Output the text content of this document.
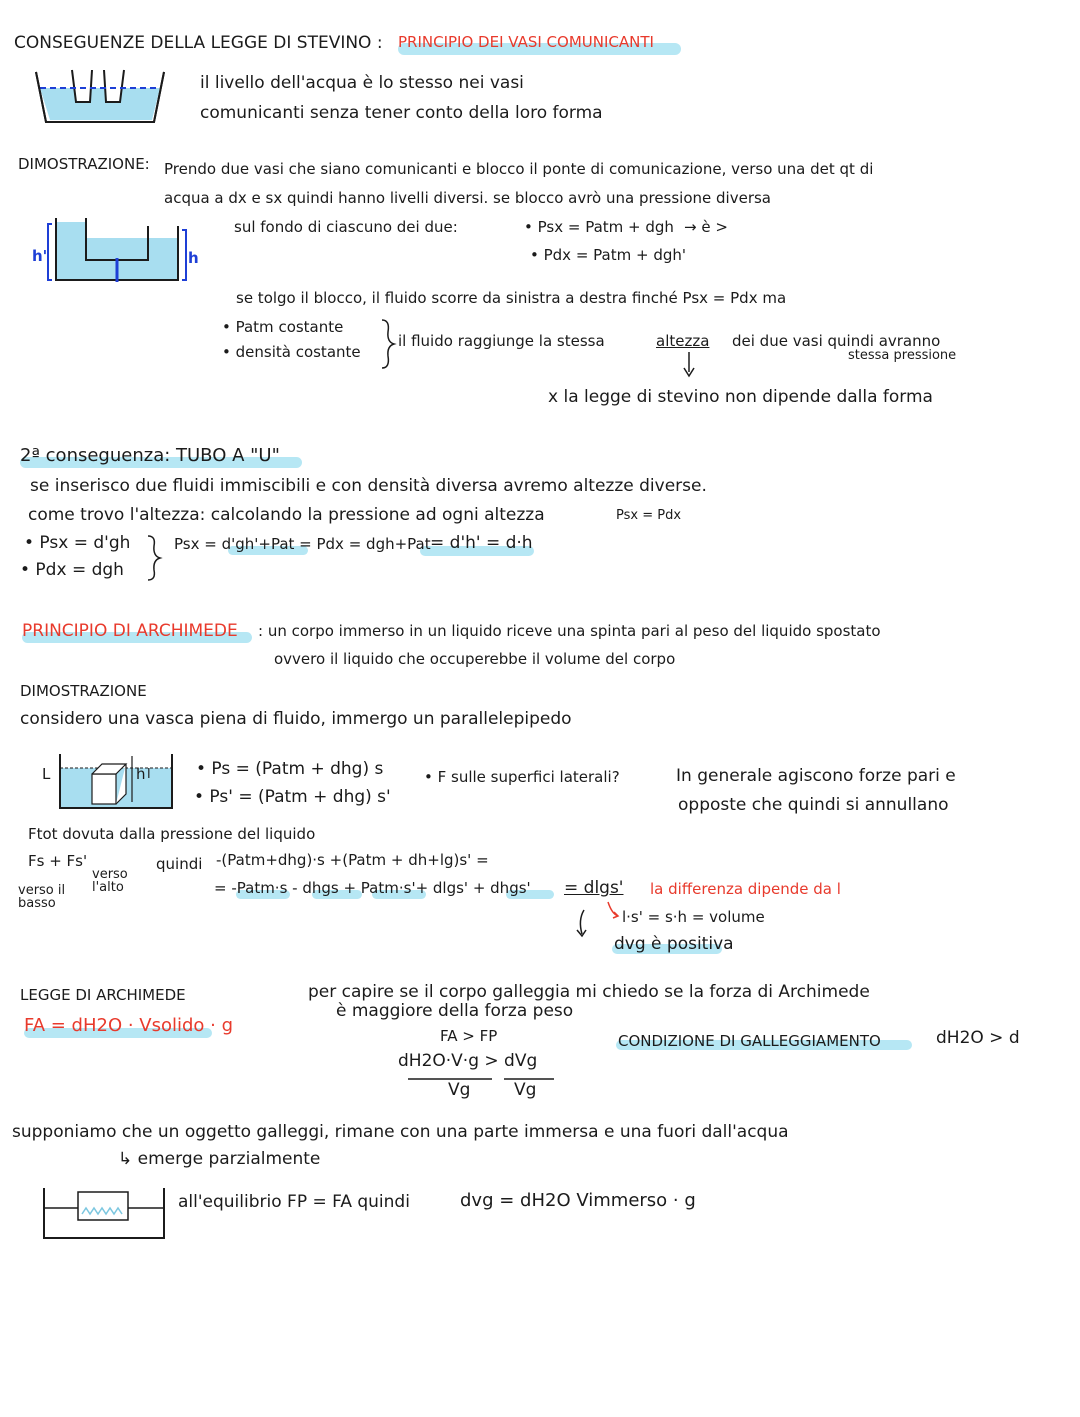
CONSEGUENZE DELLA LEGGE DI STEVINO : PRINCIPIO DEI VASI COMUNICANTI
il livello dell'acqua è lo stesso nei vasi
comunicanti senza tener conto della loro forma
DIMOSTRAZIONE: Prendo due vasi che siano comunicanti e blocco il ponte di comunicazione, verso una det qt di
acqua a dx e sx quindi hanno livelli diversi. se blocco avrò una pressione diversa
sul fondo di ciascuno dei due:	• Psx = Patm + dgh → è >
• Pdx = Patm + dgh'
h'	h
se tolgo il blocco, il fluido scorre da sinistra a destra finché Psx = Pdx ma
• Patm costante
• densità costante
il fluido raggiunge la stessa	altezza dei due vasi quindi avranno
stessa pressione
x la legge di stevino non dipende dalla forma
2ª conseguenza: TUBO A "U"
se inserisco due fluidi immiscibili e con densità diversa avremo altezze diverse.
come trovo l'altezza: calcolando la pressione ad ogni altezza	Psx = Pdx
• Psx = d'gh
• Pdx = dgh
Psx = d'gh'+Pat = Pdx = dgh+Pat = d'h' = d·h
PRINCIPIO DI ARCHIMEDE : un corpo immerso in un liquido riceve una spinta pari al peso del liquido spostato
ovvero il liquido che occuperebbe il volume del corpo
DIMOSTRAZIONE
considero una vasca piena di fluido, immergo un parallelepipedo
L	h l	• Ps = (Patm + dhg) s
• Ps' = (Patm + dhg) s'
• F sulle superfici laterali?	In generale agiscono forze pari e
opposte che quindi si annullano
Ftot dovuta dalla pressione del liquido
Fs + Fs'
verso il basso
verso l'alto
quindi -(Patm+dhg)·s +(Patm + dh+lg)s' =
= -Patm·s - dhgs + Patm·s'+ dlgs' + dhgs' = dlgs' la differenza dipende da l
l·s' = s·h = volume
dvg è positiva
LEGGE DI ARCHIMEDE
FA = dH2O · Vsolido · g
per capire se il corpo galleggia mi chiedo se la forza di Archimede
è maggiore della forza peso
FA > FP
dH2O·V·g > dVg
Vg	Vg
CONDIZIONE DI GALLEGGIAMENTO	dH2O > d
supponiamo che un oggetto galleggi, rimane con una parte immersa e una fuori dall'acqua
↳ emerge parzialmente
all'equilibrio FP = FA quindi	dvg = dH2O Vimmerso · g
